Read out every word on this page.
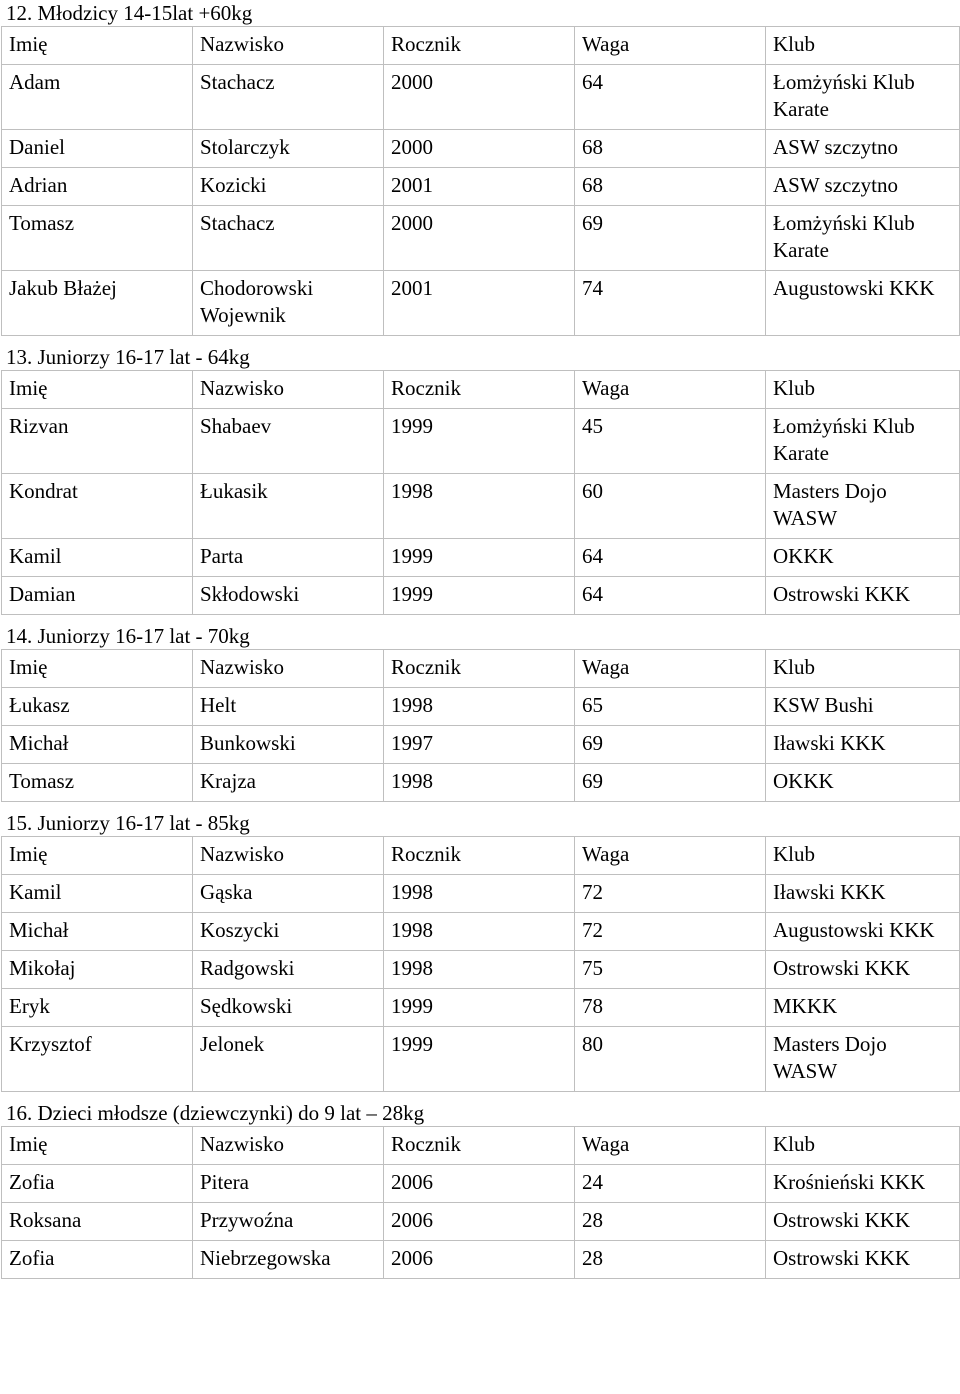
12. Młodzicy 14-15lat +60kg
Imię	Nazwisko	Rocznik	Waga	Klub
Adam	Stachacz	2000	64	Łomżyński Klub Karate
Daniel	Stolarczyk	2000	68	ASW szczytno
Adrian	Kozicki	2001	68	ASW szczytno
Tomasz	Stachacz	2000	69	Łomżyński Klub Karate
Jakub Błażej	Chodorowski Wojewnik	2001	74	Augustowski KKK
13. Juniorzy 16-17 lat - 64kg
Imię	Nazwisko	Rocznik	Waga	Klub
Rizvan	Shabaev	1999	45	Łomżyński Klub Karate
Kondrat	Łukasik	1998	60	Masters Dojo WASW
Kamil	Parta	1999	64	OKKK
Damian	Skłodowski	1999	64	Ostrowski KKK
14. Juniorzy 16-17 lat - 70kg
Imię	Nazwisko	Rocznik	Waga	Klub
Łukasz	Helt	1998	65	KSW Bushi
Michał	Bunkowski	1997	69	Iławski KKK
Tomasz	Krajza	1998	69	OKKK
15. Juniorzy 16-17 lat - 85kg
Imię	Nazwisko	Rocznik	Waga	Klub
Kamil	Gąska	1998	72	Iławski KKK
Michał	Koszycki	1998	72	Augustowski KKK
Mikołaj	Radgowski	1998	75	Ostrowski KKK
Eryk	Sędkowski	1999	78	MKKK
Krzysztof	Jelonek	1999	80	Masters Dojo WASW
16. Dzieci młodsze (dziewczynki) do 9 lat – 28kg
Imię	Nazwisko	Rocznik	Waga	Klub
Zofia	Pitera	2006	24	Krośnieński KKK
Roksana	Przywoźna	2006	28	Ostrowski KKK
Zofia	Niebrzegowska	2006	28	Ostrowski KKK
